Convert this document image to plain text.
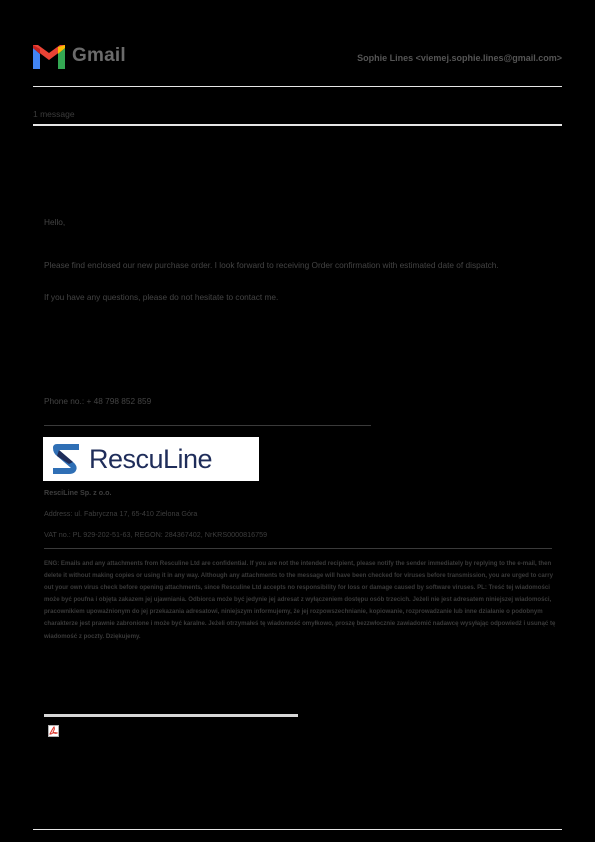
Gmail	Sophie Lines <viemej.sophie.lines@gmail.com>
1 message
Hello,
Please find enclosed our new purchase order. I look forward to receiving Order confirmation with estimated date of dispatch.
If you have any questions, please do not hesitate to contact me.
Phone no.: + 48 798 852 859
RescuLine
ResciLine Sp. z o.o.
Address: ul. Fabryczna 17, 65-410 Zielona Góra
VAT no.: PL 929-202-51-63, REGON: 284367402, NrKRS0000816759
ENG: Emails and any attachments from Resculine Ltd are confidential. If you are not the intended recipient, please notify the sender immediately by replying to the e-mail, then delete it without making copies or using it in any way. Although any attachments to the message will have been checked for viruses before transmission, you are urged to carry out your own virus check before opening attachments, since Resculine Ltd accepts no responsibility for loss or damage caused by software viruses. PL: Treść tej wiadomości może być poufna i objęta zakazem jej ujawniania. Odbiorca może być jedynie jej adresat z wyłączeniem dostępu osób trzecich. Jeżeli nie jest adresatem niniejszej wiadomości, pracownikiem upoważnionym do jej przekazania adresatowi, niniejszym informujemy, że jej rozpowszechnianie, kopiowanie, rozprowadzanie lub inne działanie o podobnym charakterze jest prawnie zabronione i może być karalne. Jeżeli otrzymałeś tę wiadomość omyłkowo, proszę bezzwłocznie zawiadomić nadawcę wysyłając odpowiedź i usunąć tę wiadomość z poczty. Dziękujemy.
